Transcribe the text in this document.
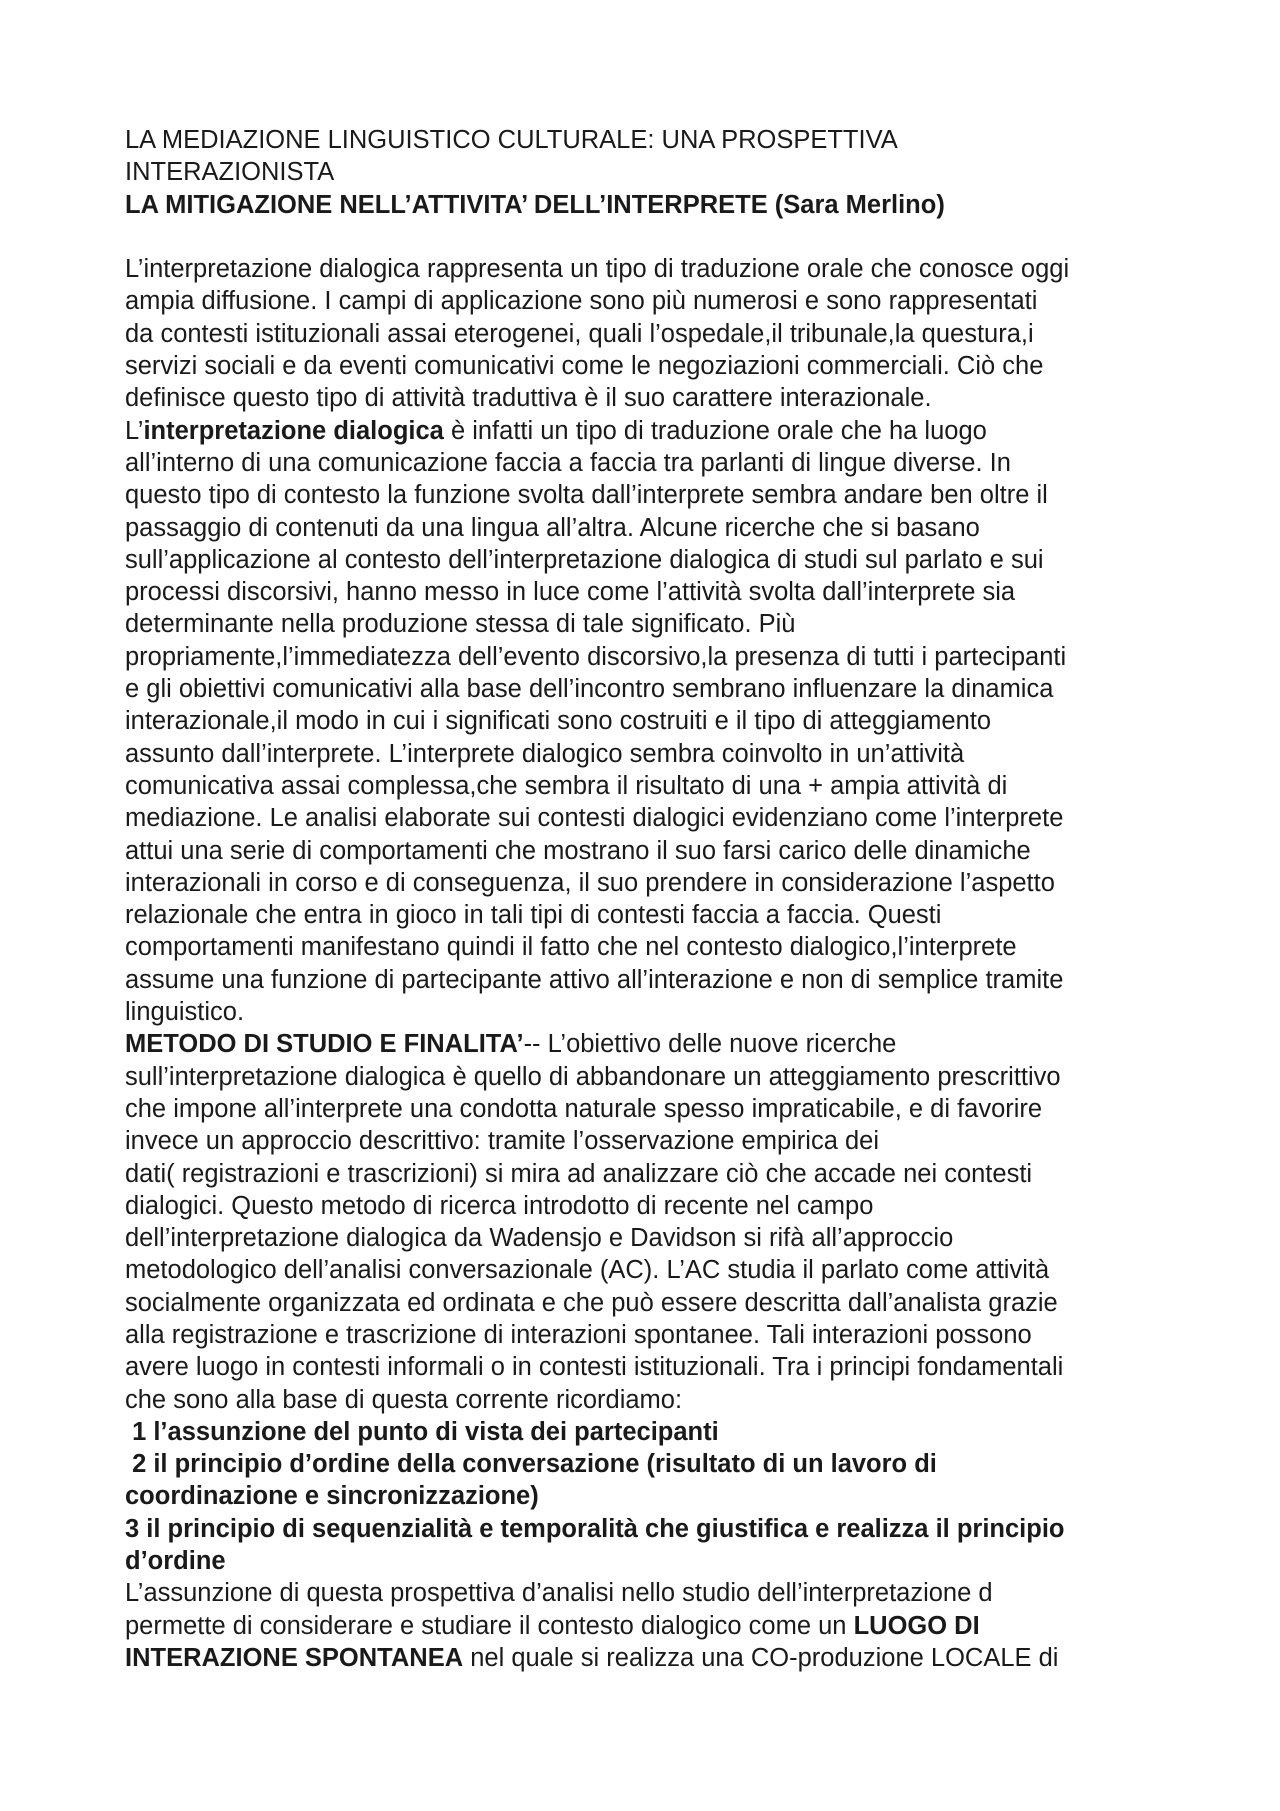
LA MEDIAZIONE LINGUISTICO CULTURALE: UNA PROSPETTIVA
INTERAZIONISTA
LA MITIGAZIONE NELL’ATTIVITA’ DELL’INTERPRETE (Sara Merlino)
L’interpretazione dialogica rappresenta un tipo di traduzione orale che conosce oggi
ampia diffusione. I campi di applicazione sono più numerosi e sono rappresentati
da contesti istituzionali assai eterogenei, quali l’ospedale,il tribunale,la questura,i
servizi sociali e da eventi comunicativi come le negoziazioni commerciali. Ciò che
definisce questo tipo di attività traduttiva è il suo carattere interazionale.
L’interpretazione dialogica è infatti un tipo di traduzione orale che ha luogo
all’interno di una comunicazione faccia a faccia tra parlanti di lingue diverse. In
questo tipo di contesto la funzione svolta dall’interprete sembra andare ben oltre il
passaggio di contenuti da una lingua all’altra. Alcune ricerche che si basano
sull’applicazione al contesto dell’interpretazione dialogica di studi sul parlato e sui
processi discorsivi, hanno messo in luce come l’attività svolta dall’interprete sia
determinante nella produzione stessa di tale significato. Più
propriamente,l’immediatezza dell’evento discorsivo,la presenza di tutti i partecipanti
e gli obiettivi comunicativi alla base dell’incontro sembrano influenzare la dinamica
interazionale,il modo in cui i significati sono costruiti e il tipo di atteggiamento
assunto dall’interprete. L’interprete dialogico sembra coinvolto in un’attività
comunicativa assai complessa,che sembra il risultato di una + ampia attività di
mediazione. Le analisi elaborate sui contesti dialogici evidenziano come l’interprete
attui una serie di comportamenti che mostrano il suo farsi carico delle dinamiche
interazionali in corso e di conseguenza, il suo prendere in considerazione l’aspetto
relazionale che entra in gioco in tali tipi di contesti faccia a faccia. Questi
comportamenti manifestano quindi il fatto che nel contesto dialogico,l’interprete
assume una funzione di partecipante attivo all’interazione e non di semplice tramite
linguistico.
METODO DI STUDIO E FINALITA’-- L’obiettivo delle nuove ricerche
sull’interpretazione dialogica è quello di abbandonare un atteggiamento prescrittivo
che impone all’interprete una condotta naturale spesso impraticabile, e di favorire
invece un approccio descrittivo: tramite l’osservazione empirica dei
dati( registrazioni e trascrizioni) si mira ad analizzare ciò che accade nei contesti
dialogici. Questo metodo di ricerca introdotto di recente nel campo
dell’interpretazione dialogica da Wadensjo e Davidson si rifà all’approccio
metodologico dell’analisi conversazionale (AC). L’AC studia il parlato come attività
socialmente organizzata ed ordinata e che può essere descritta dall’analista grazie
alla registrazione e trascrizione di interazioni spontanee. Tali interazioni possono
avere luogo in contesti informali o in contesti istituzionali. Tra i principi fondamentali
che sono alla base di questa corrente ricordiamo:
1 l’assunzione del punto di vista dei partecipanti
2 il principio d’ordine della conversazione (risultato di un lavoro di
coordinazione e sincronizzazione)
3 il principio di sequenzialità e temporalità che giustifica e realizza il principio
d’ordine
L’assunzione di questa prospettiva d’analisi nello studio dell’interpretazione d
permette di considerare e studiare il contesto dialogico come un LUOGO DI
INTERAZIONE SPONTANEA nel quale si realizza una CO-produzione LOCALE di
